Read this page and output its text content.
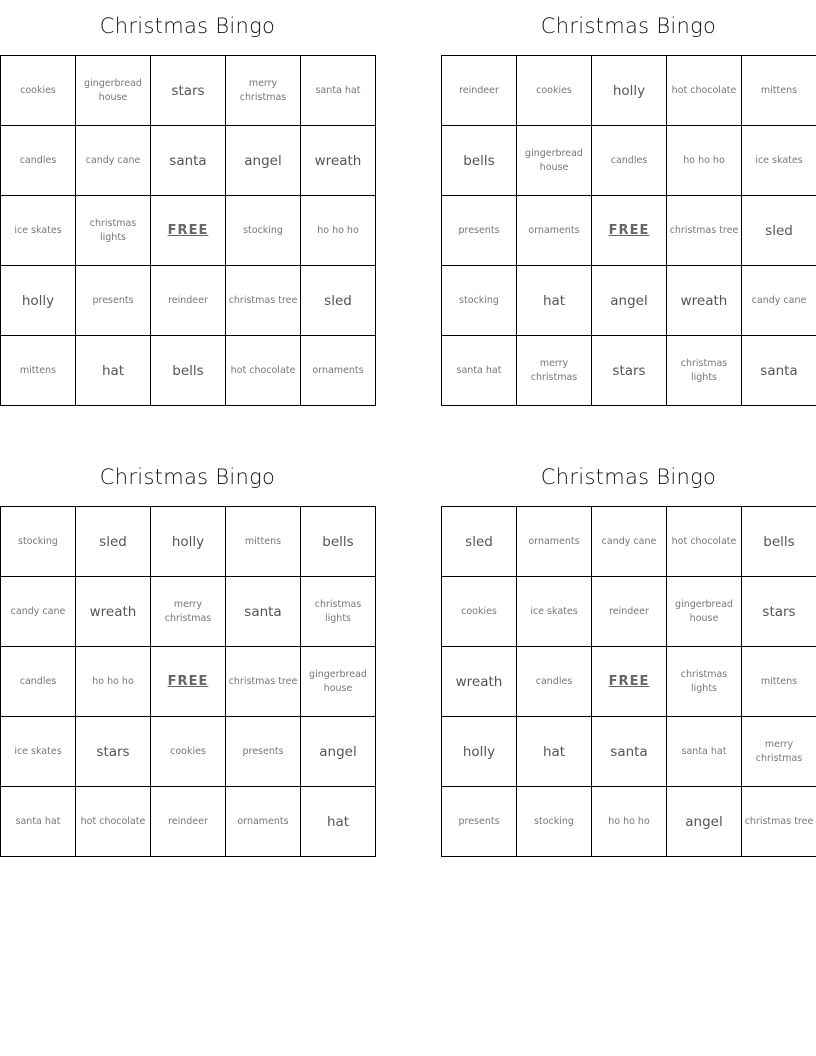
Christmas Bingo
cookies	gingerbread house	stars	merry christmas	santa hat
candles	candy cane	santa	angel	wreath
ice skates	christmas lights	FREE	stocking	ho ho ho
holly	presents	reindeer	christmas tree	sled
mittens	hat	bells	hot chocolate	ornaments
Christmas Bingo
reindeer	cookies	holly	hot chocolate	mittens
bells	gingerbread house	candles	ho ho ho	ice skates
presents	ornaments	FREE	christmas tree	sled
stocking	hat	angel	wreath	candy cane
santa hat	merry christmas	stars	christmas lights	santa
Christmas Bingo
stocking	sled	holly	mittens	bells
candy cane	wreath	merry christmas	santa	christmas lights
candles	ho ho ho	FREE	christmas tree	gingerbread house
ice skates	stars	cookies	presents	angel
santa hat	hot chocolate	reindeer	ornaments	hat
Christmas Bingo
sled	ornaments	candy cane	hot chocolate	bells
cookies	ice skates	reindeer	gingerbread house	stars
wreath	candles	FREE	christmas lights	mittens
holly	hat	santa	santa hat	merry christmas
presents	stocking	ho ho ho	angel	christmas tree
